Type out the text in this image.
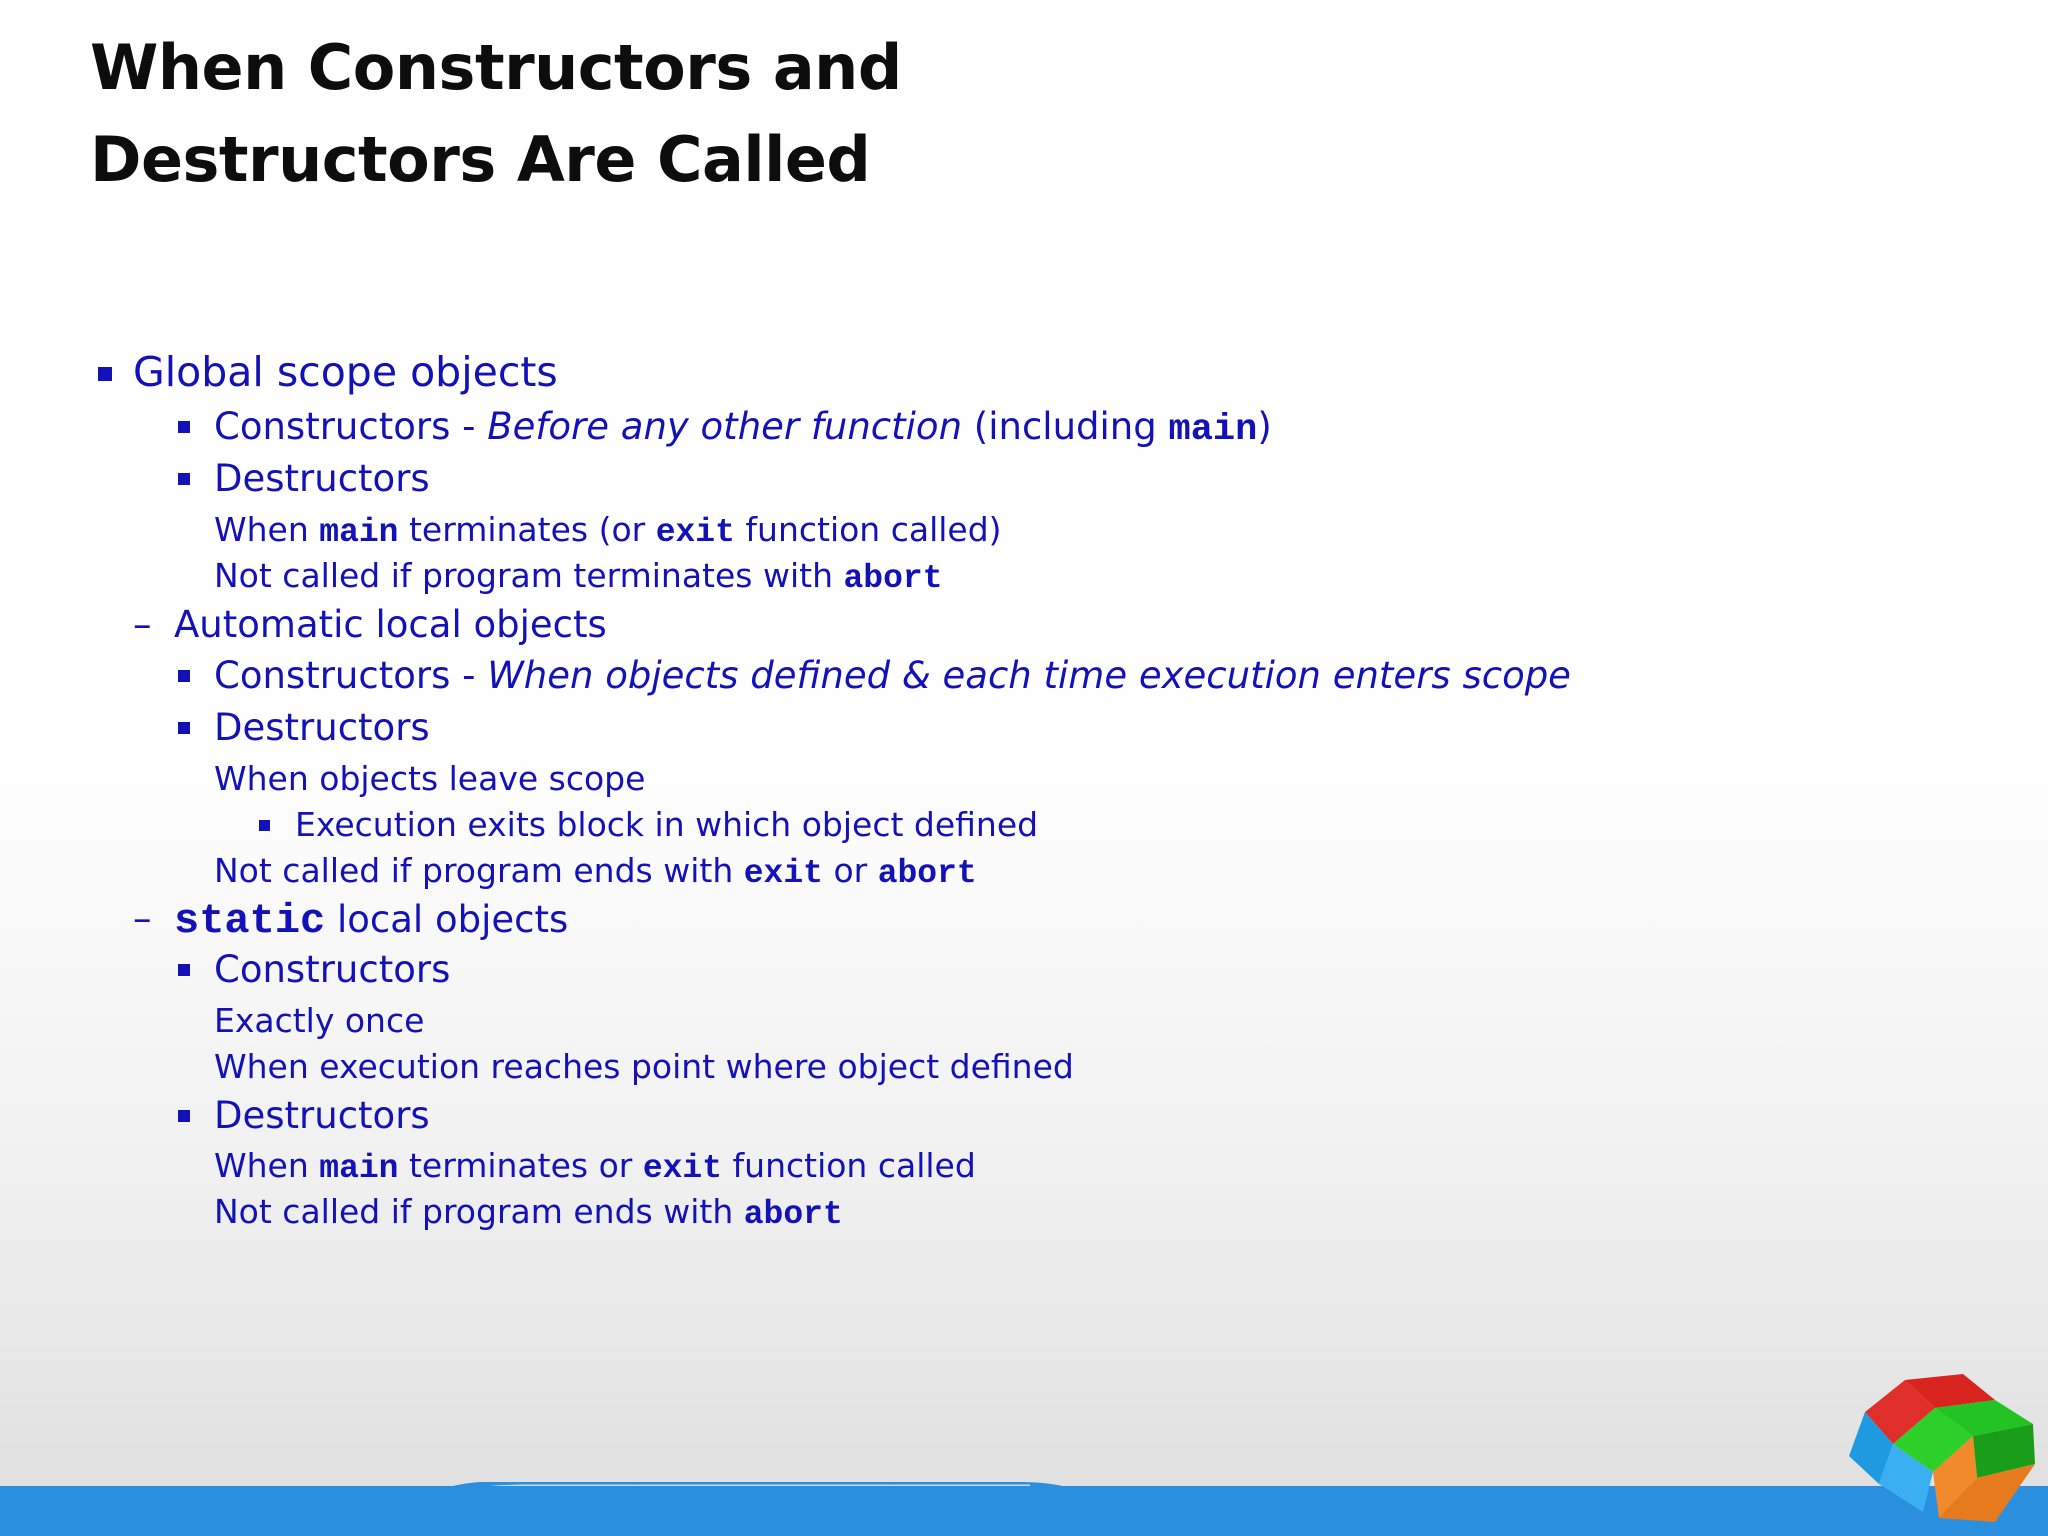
When Constructors and
Destructors Are Called
Global scope objects
Constructors - Before any other function (including main)
Destructors
When main terminates (or exit function called)
Not called if program terminates with abort
– Automatic local objects
Constructors - When objects defined & each time execution enters scope
Destructors
When objects leave scope
Execution exits block in which object defined
Not called if program ends with exit or abort
– static local objects
Constructors
Exactly once
When execution reaches point where object defined
Destructors
When main terminates or exit function called
Not called if program ends with abort
